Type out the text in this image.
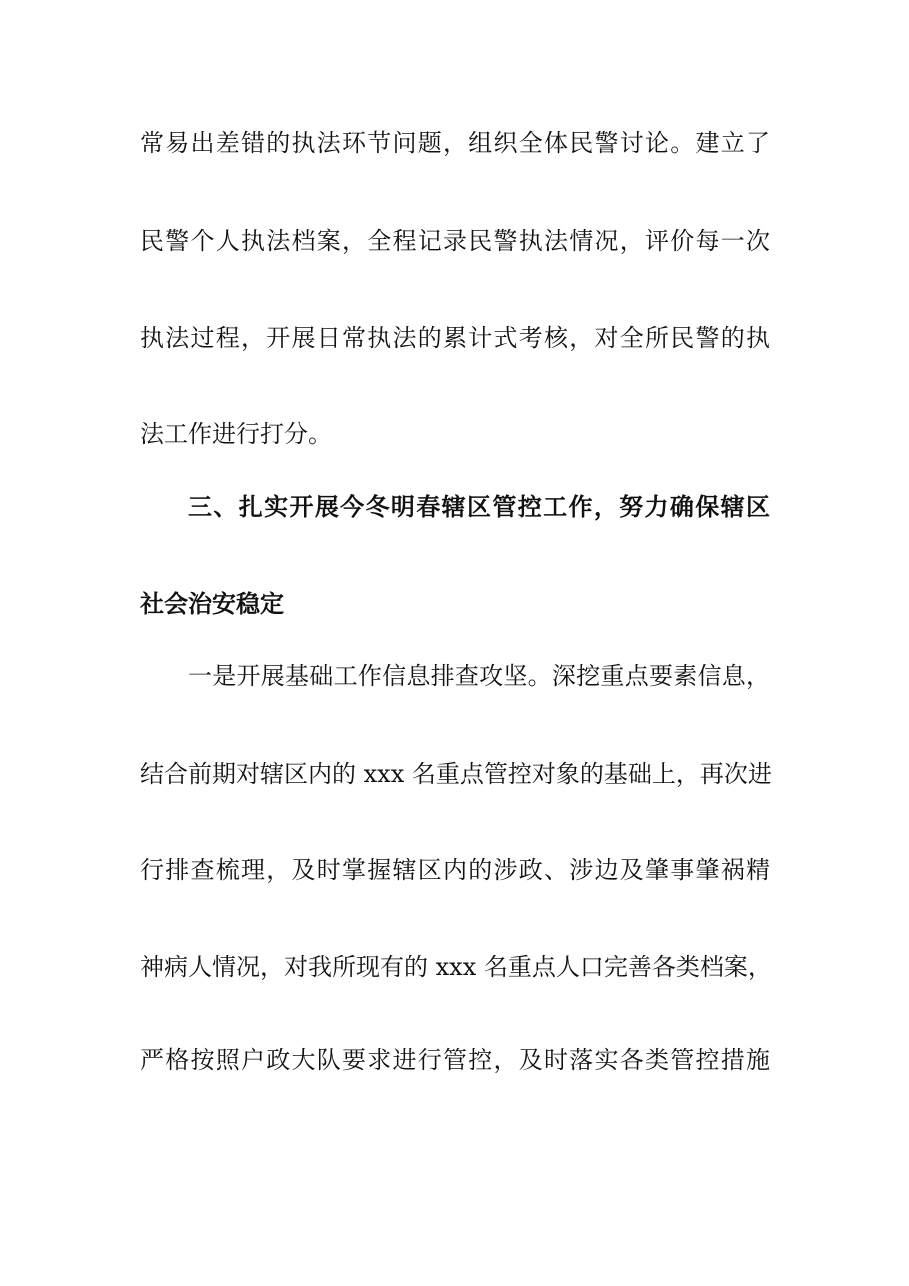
常易出差错的执法环节问题，组织全体民警讨论。建立了
民警个人执法档案，全程记录民警执法情况，评价每一次
执法过程，开展日常执法的累计式考核，对全所民警的执
法工作进行打分。
三、扎实开展今冬明春辖区管控工作，努力确保辖区
社会治安稳定
一是开展基础工作信息排查攻坚。深挖重点要素信息，
结合前期对辖区内的 xxx 名重点管控对象的基础上，再次进
行排查梳理，及时掌握辖区内的涉政、涉边及肇事肇祸精
神病人情况，对我所现有的 xxx 名重点人口完善各类档案，
严格按照户政大队要求进行管控，及时落实各类管控措施
